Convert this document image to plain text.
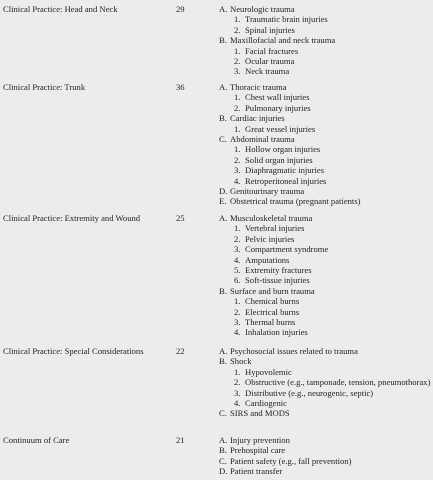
Clinical Practice: Head and Neck	29	A. Neurologic trauma
1. Traumatic brain injuries
2. Spinal injuries
B. Maxillofacial and neck trauma
1. Facial fractures
2. Ocular trauma
3. Neck trauma
Clinical Practice: Trunk	36	A. Thoracic trauma
1. Chest wall injuries
2. Pulmonary injuries
B. Cardiac injuries
1. Great vessel injuries
C. Abdominal trauma
1. Hollow organ injuries
2. Solid organ injuries
3. Diaphragmatic injuries
4. Retroperitoneal injuries
D. Genitourinary trauma
E. Obstetrical trauma (pregnant patients)
Clinical Practice: Extremity and Wound	25	A. Musculoskeletal trauma
1. Vertebral injuries
2. Pelvic injuries
3. Compartment syndrome
4. Amputations
5. Extremity fractures
6. Soft-tissue injuries
B. Surface and burn trauma
1. Chemical burns
2. Electrical burns
3. Thermal burns
4. Inhalation injuries
Clinical Practice: Special Considerations	22	A. Psychosocial issues related to trauma
B. Shock
1. Hypovolemic
2. Obstructive (e.g., tamponade, tension, pneumothorax)
3. Distributive (e.g., neurogenic, septic)
4. Cardiogenic
C. SIRS and MODS
Continuum of Care	21	A. Injury prevention
B. Prehospital care
C. Patient safety (e.g., fall prevention)
D. Patient transfer
